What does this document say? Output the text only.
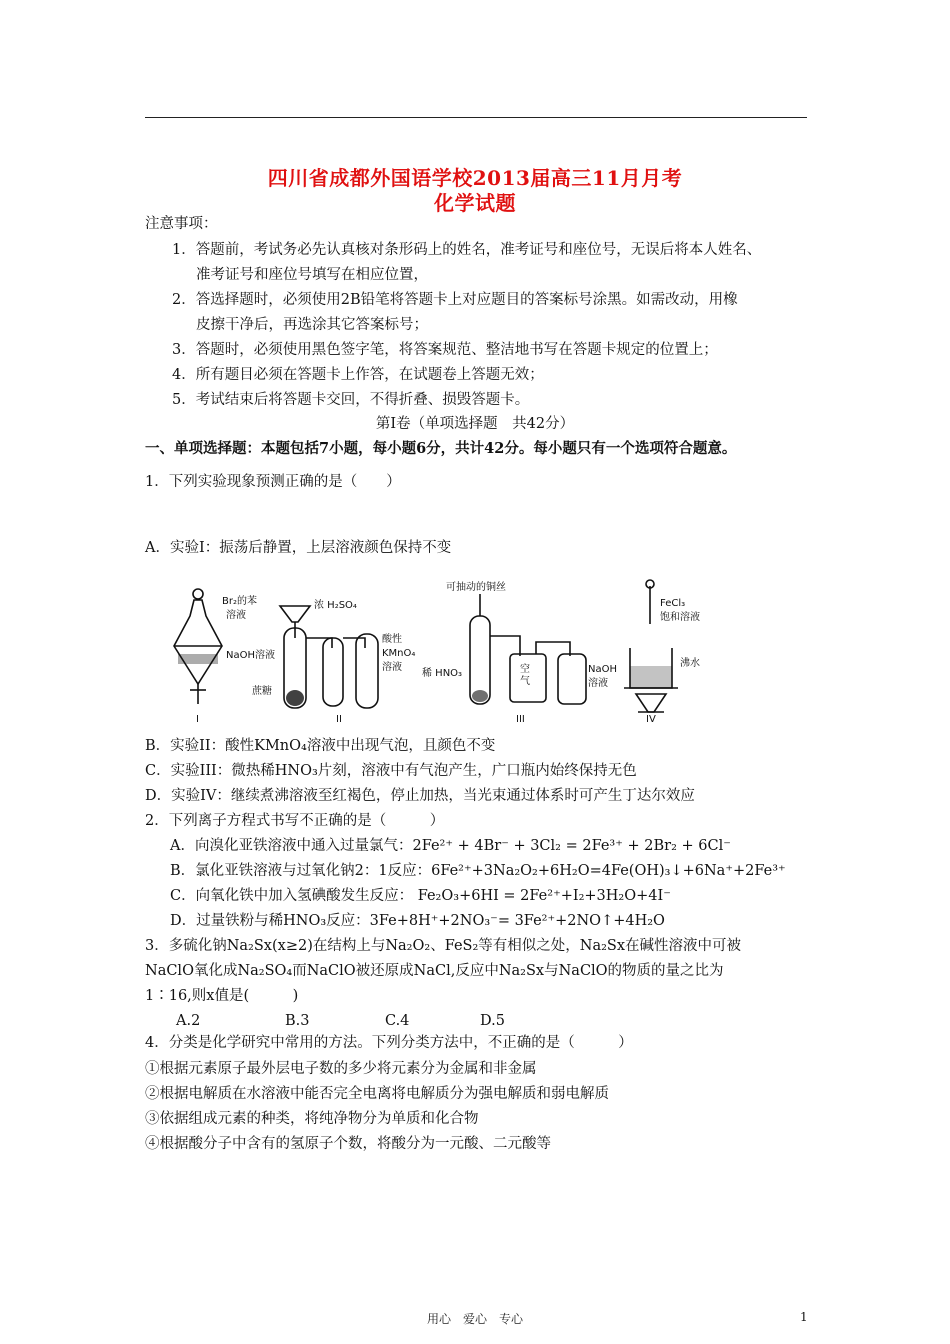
四川省成都外国语学校2013届高三11月月考
化学试题
注意事项：
1．答题前，考试务必先认真核对条形码上的姓名，准考证号和座位号，无误后将本人姓名、
准考证号和座位号填写在相应位置，
2．答选择题时，必须使用2B铅笔将答题卡上对应题目的答案标号涂黑。如需改动，用橡
皮擦干净后，再选涂其它答案标号；
3．答题时，必须使用黑色签字笔，将答案规范、整洁地书写在答题卡规定的位置上；
4．所有题目必须在答题卡上作答，在试题卷上答题无效；
5．考试结束后将答题卡交回，不得折叠、损毁答题卡。
第Ⅰ卷（单项选择题　共42分）
一、单项选择题：本题包括7小题，每小题6分，共计42分。每小题只有一个选项符合题意。
1．下列实验现象预测正确的是（　　）
A．实验I：振荡后静置，上层溶液颜色保持不变
Br₂的苯
溶液
NaOH溶液
I
浓 H₂SO₄
蔗糖
酸性
KMnO₄
溶液
II
可抽动的铜丝
空
气
稀 HNO₃	NaOH
溶液
III
FeCl₃
饱和溶液
沸水
IV
B．实验II：酸性KMnO₄溶液中出现气泡，且颜色不变
C．实验III：微热稀HNO₃片刻，溶液中有气泡产生，广口瓶内始终保持无色
D．实验IV：继续煮沸溶液至红褐色，停止加热，当光束通过体系时可产生丁达尔效应
2．下列离子方程式书写不正确的是（　　　）
A．向溴化亚铁溶液中通入过量氯气：2Fe²⁺ + 4Br⁻ + 3Cl₂ = 2Fe³⁺ + 2Br₂ + 6Cl⁻
B．氯化亚铁溶液与过氧化钠2：1反应：6Fe²⁺+3Na₂O₂+6H₂O=4Fe(OH)₃↓+6Na⁺+2Fe³⁺
C．向氧化铁中加入氢碘酸发生反应： Fe₂O₃+6HI = 2Fe²⁺+I₂+3H₂O+4I⁻
D．过量铁粉与稀HNO₃反应：3Fe+8H⁺+2NO₃⁻= 3Fe²⁺+2NO↑+4H₂O
3．多硫化钠Na₂Sx(x≥2)在结构上与Na₂O₂、FeS₂等有相似之处，Na₂Sx在碱性溶液中可被
NaClO氧化成Na₂SO₄而NaClO被还原成NaCl,反应中Na₂Sx与NaClO的物质的量之比为
1∶16,则x值是(　　　)
A.2	B.3	C.4	D.5
4．分类是化学研究中常用的方法。下列分类方法中，不正确的是（　　　）
①根据元素原子最外层电子数的多少将元素分为金属和非金属
②根据电解质在水溶液中能否完全电离将电解质分为强电解质和弱电解质
③依据组成元素的种类，将纯净物分为单质和化合物
④根据酸分子中含有的氢原子个数，将酸分为一元酸、二元酸等
用心　爱心　专心	1
